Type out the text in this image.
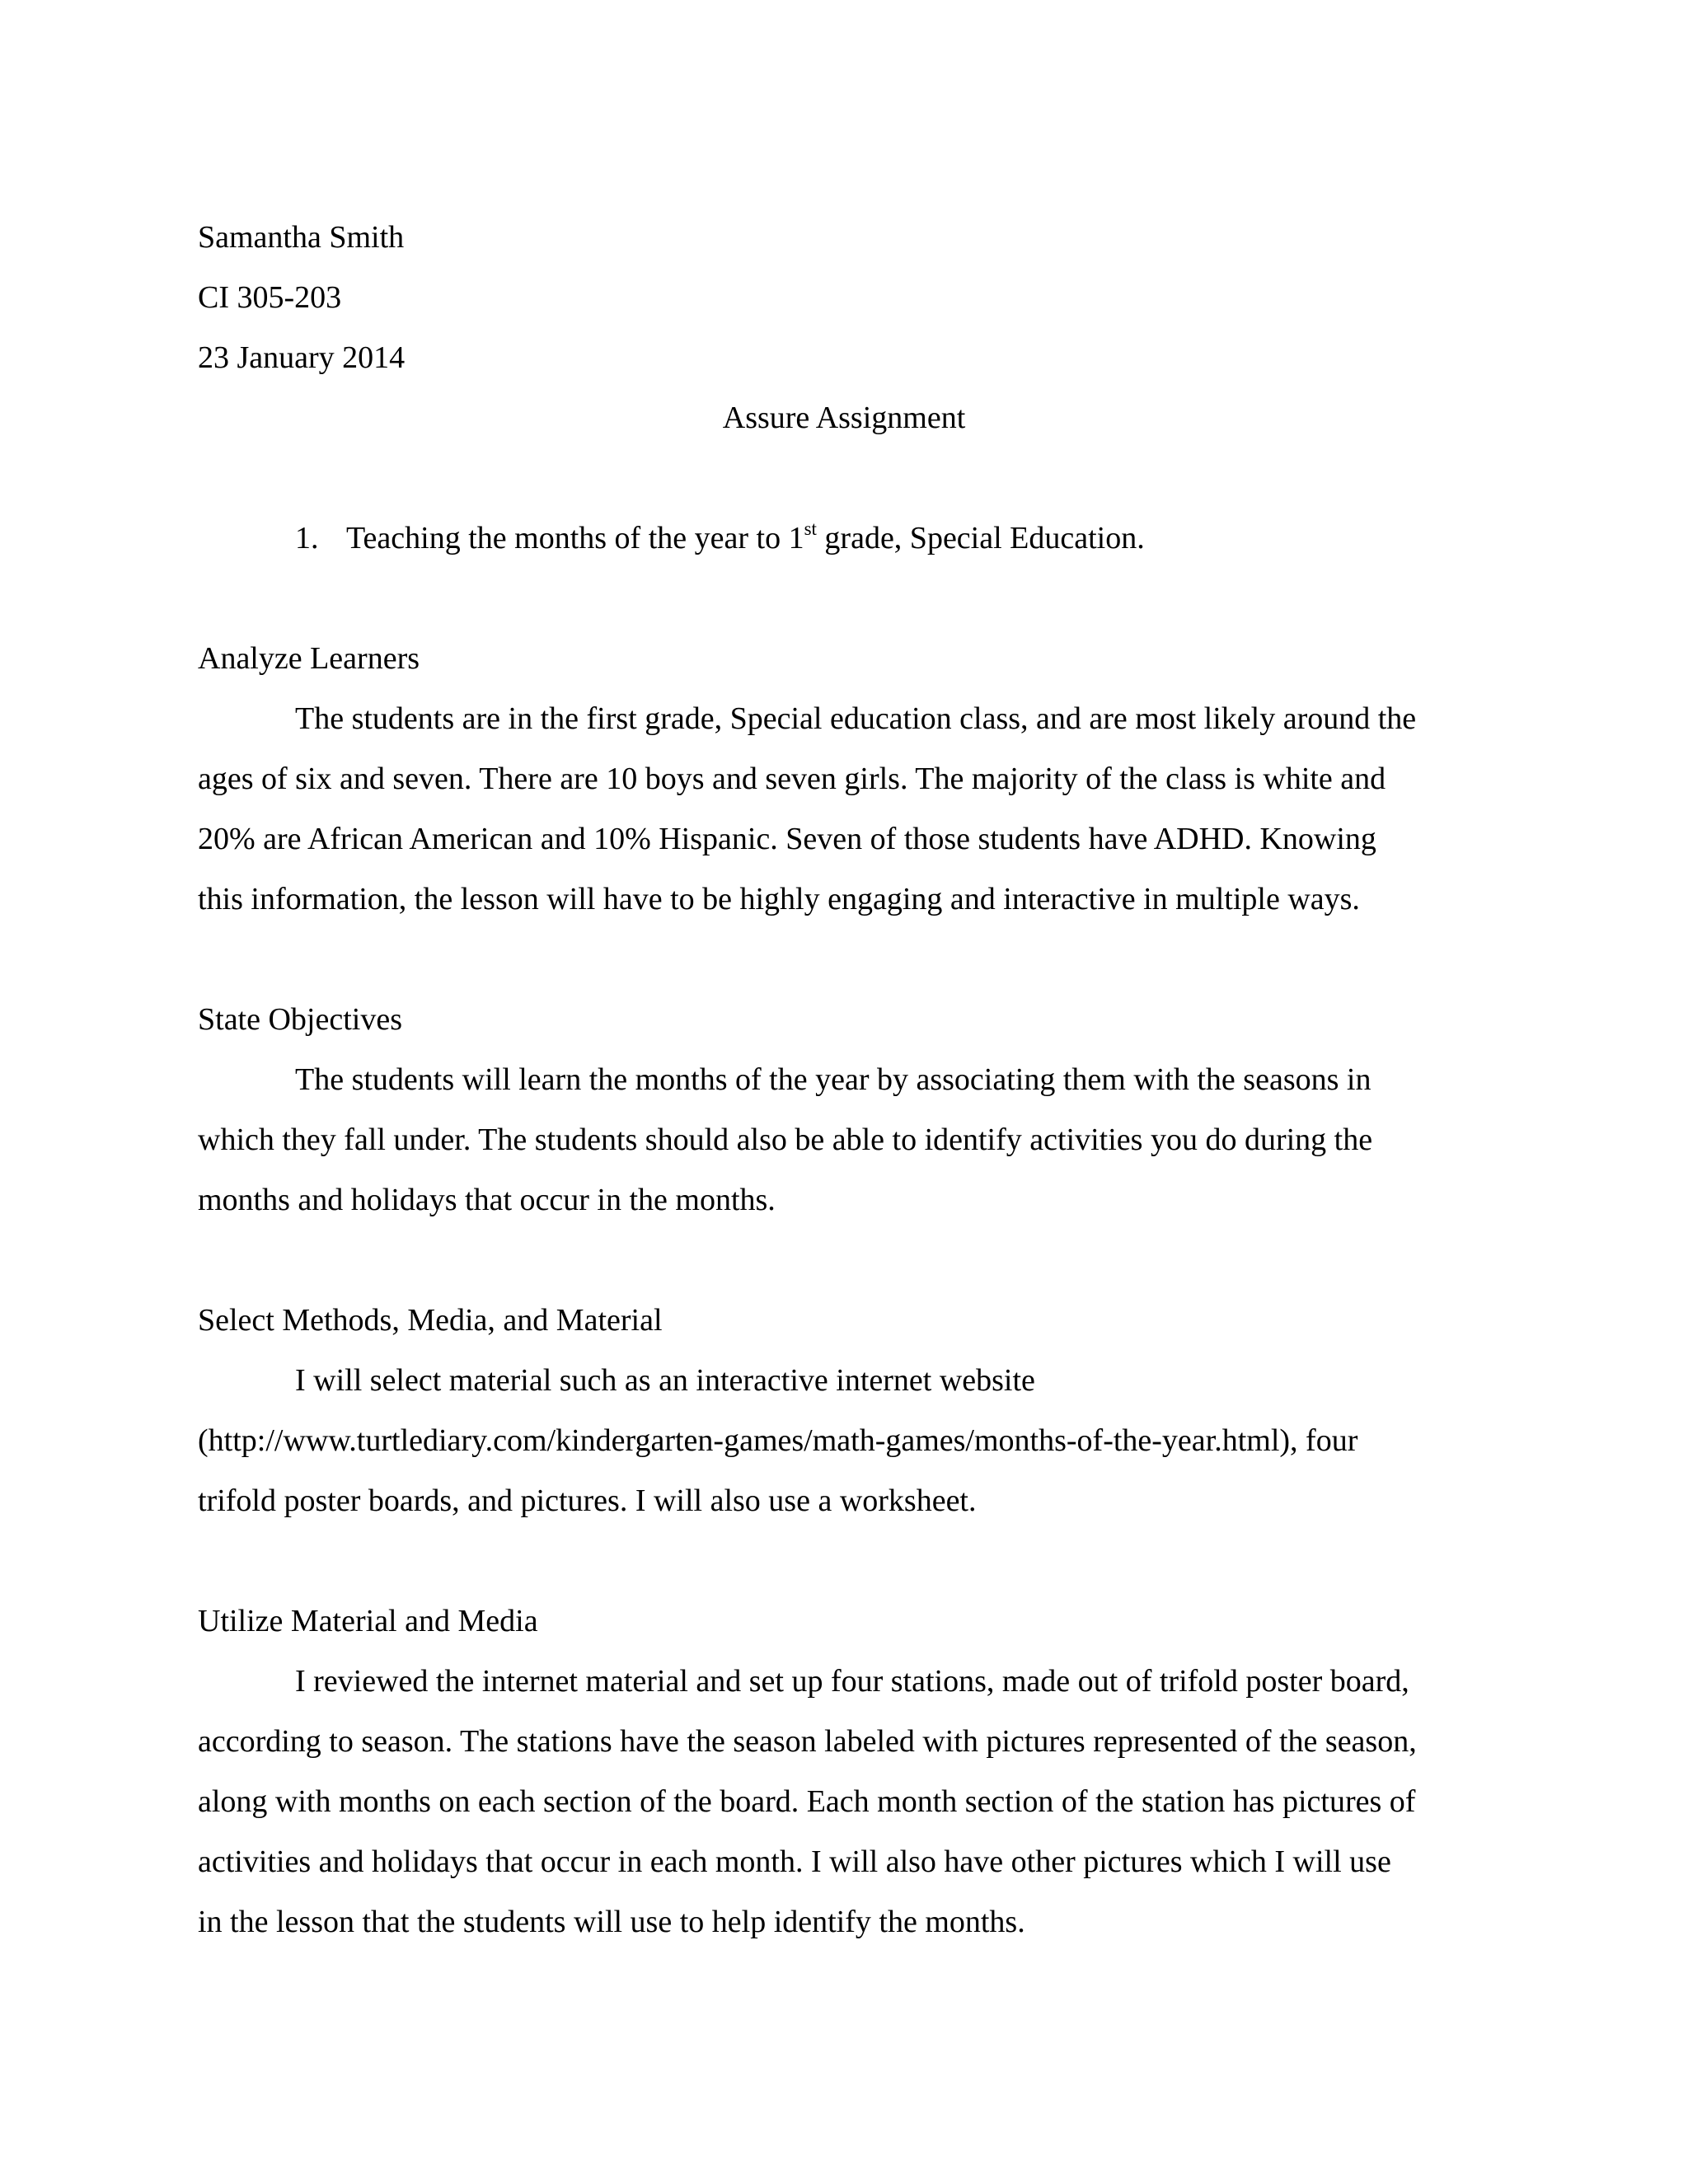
Samantha Smith

CI 305-203

23 January 2014

Assure Assignment

1. Teaching the months of the year to 1st grade, Special Education.

Analyze Learners

The students are in the first grade, Special education class, and are most likely around the
ages of six and seven. There are 10 boys and seven girls. The majority of the class is white and
20% are African American and 10% Hispanic. Seven of those students have ADHD. Knowing
this information, the lesson will have to be highly engaging and interactive in multiple ways.

State Objectives

The students will learn the months of the year by associating them with the seasons in
which they fall under. The students should also be able to identify activities you do during the
months and holidays that occur in the months.

Select Methods, Media, and Material

I will select material such as an interactive internet website
(http://www.turtlediary.com/kindergarten-games/math-games/months-of-the-year.html), four
trifold poster boards, and pictures. I will also use a worksheet.

Utilize Material and Media

I reviewed the internet material and set up four stations, made out of trifold poster board,
according to season. The stations have the season labeled with pictures represented of the season,
along with months on each section of the board. Each month section of the station has pictures of
activities and holidays that occur in each month. I will also have other pictures which I will use
in the lesson that the students will use to help identify the months.
